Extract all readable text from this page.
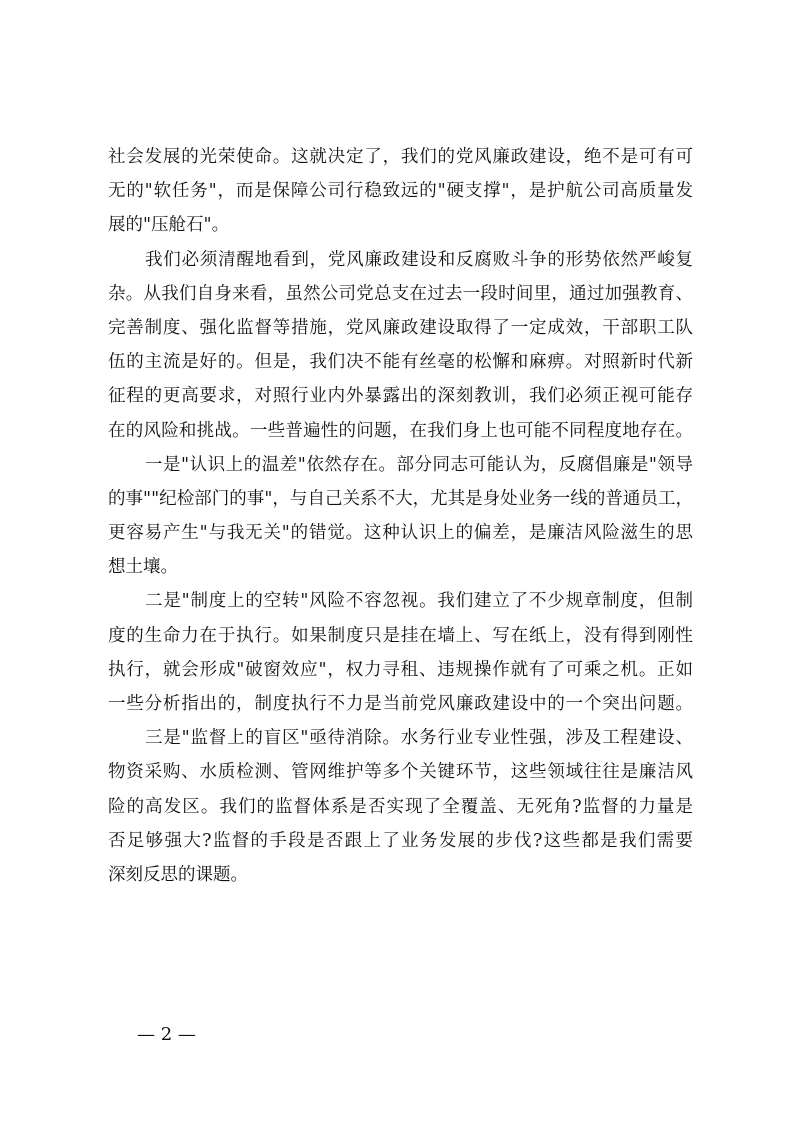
社会发展的光荣使命。这就决定了，我们的党风廉政建设，绝不是可有可
无的"软任务"，而是保障公司行稳致远的"硬支撑"，是护航公司高质量发
展的"压舱石"。
我们必须清醒地看到，党风廉政建设和反腐败斗争的形势依然严峻复
杂。从我们自身来看，虽然公司党总支在过去一段时间里，通过加强教育、
完善制度、强化监督等措施，党风廉政建设取得了一定成效，干部职工队
伍的主流是好的。但是，我们决不能有丝毫的松懈和麻痹。对照新时代新
征程的更高要求，对照行业内外暴露出的深刻教训，我们必须正视可能存
在的风险和挑战。一些普遍性的问题，在我们身上也可能不同程度地存在。
一是"认识上的温差"依然存在。部分同志可能认为，反腐倡廉是"领导
的事""纪检部门的事"，与自己关系不大，尤其是身处业务一线的普通员工，
更容易产生"与我无关"的错觉。这种认识上的偏差，是廉洁风险滋生的思
想土壤。
二是"制度上的空转"风险不容忽视。我们建立了不少规章制度，但制
度的生命力在于执行。如果制度只是挂在墙上、写在纸上，没有得到刚性
执行，就会形成"破窗效应"，权力寻租、违规操作就有了可乘之机。正如
一些分析指出的，制度执行不力是当前党风廉政建设中的一个突出问题。
三是"监督上的盲区"亟待消除。水务行业专业性强，涉及工程建设、
物资采购、水质检测、管网维护等多个关键环节，这些领域往往是廉洁风
险的高发区。我们的监督体系是否实现了全覆盖、无死角?监督的力量是
否足够强大?监督的手段是否跟上了业务发展的步伐?这些都是我们需要
深刻反思的课题。
— 2 —
